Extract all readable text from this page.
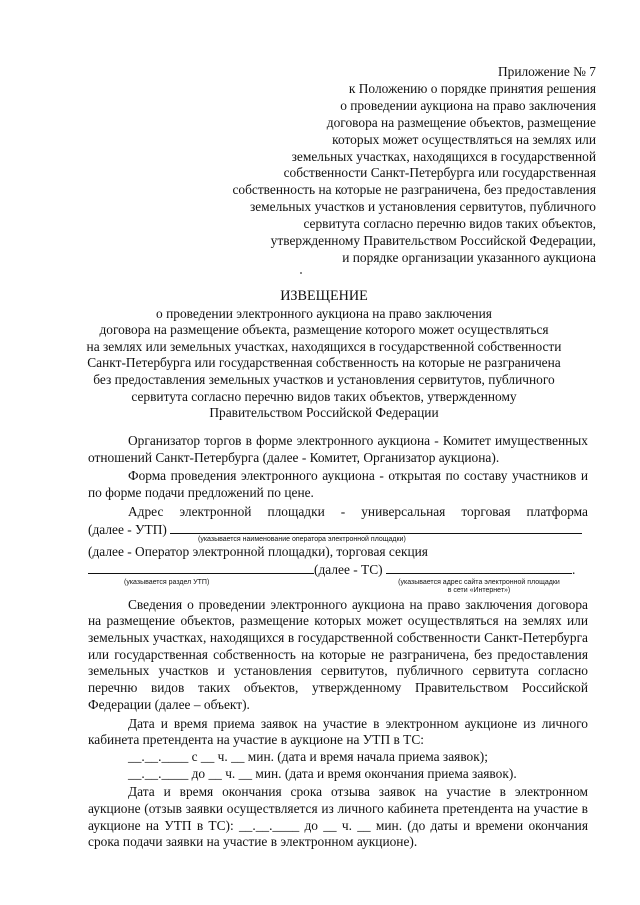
Приложение № 7
к Положению о порядке принятия решения
о проведении аукциона на право заключения
договора на размещение объектов, размещение
которых может осуществляться на землях или
земельных участках, находящихся в государственной
собственности Санкт-Петербурга или государственная
собственность на которые не разграничена, без предоставления
земельных участков и установления сервитутов, публичного
сервитута согласно перечню видов таких объектов,
утвержденному Правительством Российской Федерации,
и порядке организации указанного аукциона
ИЗВЕЩЕНИЕ
о проведении электронного аукциона на право заключения
договора на размещение объекта, размещение которого может осуществляться
на землях или земельных участках, находящихся в государственной собственности
Санкт-Петербурга или государственная собственность на которые не разграничена
без предоставления земельных участков и установления сервитутов, публичного
сервитута согласно перечню видов таких объектов, утвержденному
Правительством Российской Федерации

Организатор торгов в форме электронного аукциона - Комитет имущественных отношений Санкт-Петербурга (далее - Комитет, Организатор аукциона).

Форма проведения электронного аукциона - открытая по составу участников и по форме подачи предложений по цене.

Адрес электронной площадки - универсальная торговая платформа

(далее - УТП)
(указывается наименование оператора электронной площадки)
(далее - Оператор электронной площадки), торговая секция
(далее - ТС)	.
(указывается раздел УТП)	(указывается адрес сайта электронной площадки
в сети «Интернет»)

Сведения о проведении электронного аукциона на право заключения договора на размещение объектов, размещение которых может осуществляться на землях или земельных участках, находящихся в государственной собственности Санкт-Петербурга или государственная собственность на которые не разграничена, без предоставления земельных участков и установления сервитутов, публичного сервитута согласно перечню видов таких объектов, утвержденному Правительством Российской Федерации (далее – объект).

Дата и время приема заявок на участие в электронном аукционе из личного кабинета претендента на участие в аукционе на УТП в ТС:

__.__.____ с __ ч. __ мин. (дата и время начала приема заявок);
__.__.____ до __ ч. __ мин. (дата и время окончания приема заявок).

Дата и время окончания срока отзыва заявок на участие в электронном аукционе (отзыв заявки осуществляется из личного кабинета претендента на участие в аукционе на УТП в ТС): __.__.____ до __ ч. __ мин. (до даты и времени окончания срока подачи заявки на участие в электронном аукционе).
